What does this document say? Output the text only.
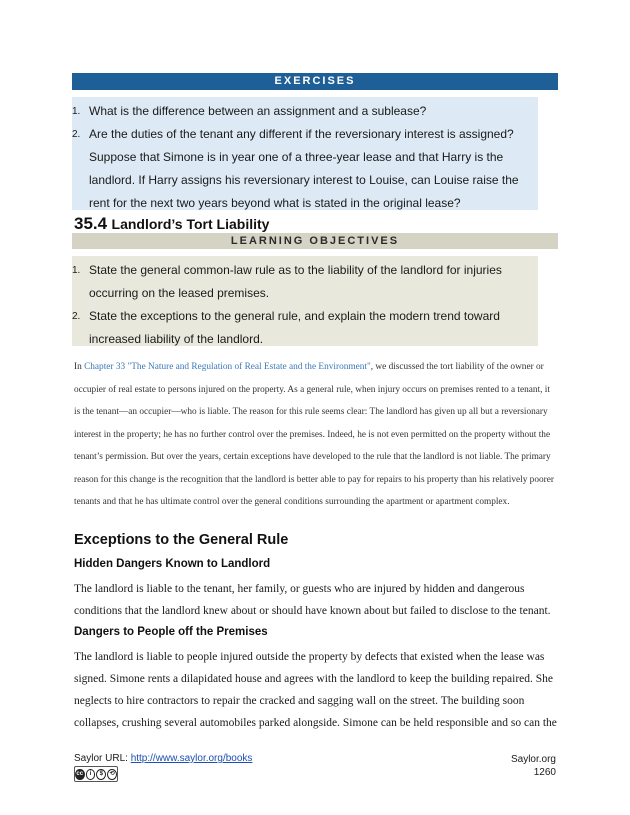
EXERCISES
1. What is the difference between an assignment and a sublease?
2. Are the duties of the tenant any different if the reversionary interest is assigned? Suppose that Simone is in year one of a three-year lease and that Harry is the landlord. If Harry assigns his reversionary interest to Louise, can Louise raise the rent for the next two years beyond what is stated in the original lease?
35.4 Landlord’s Tort Liability
LEARNING OBJECTIVES
1. State the general common-law rule as to the liability of the landlord for injuries occurring on the leased premises.
2. State the exceptions to the general rule, and explain the modern trend toward increased liability of the landlord.
In Chapter 33 "The Nature and Regulation of Real Estate and the Environment", we discussed the tort liability of the owner or occupier of real estate to persons injured on the property. As a general rule, when injury occurs on premises rented to a tenant, it is the tenant—an occupier—who is liable. The reason for this rule seems clear: The landlord has given up all but a reversionary interest in the property; he has no further control over the premises. Indeed, he is not even permitted on the property without the tenant’s permission. But over the years, certain exceptions have developed to the rule that the landlord is not liable. The primary reason for this change is the recognition that the landlord is better able to pay for repairs to his property than his relatively poorer tenants and that he has ultimate control over the general conditions surrounding the apartment or apartment complex.
Exceptions to the General Rule
Hidden Dangers Known to Landlord
The landlord is liable to the tenant, her family, or guests who are injured by hidden and dangerous conditions that the landlord knew about or should have known about but failed to disclose to the tenant.
Dangers to People off the Premises
The landlord is liable to people injured outside the property by defects that existed when the lease was signed. Simone rents a dilapidated house and agrees with the landlord to keep the building repaired. She neglects to hire contractors to repair the cracked and sagging wall on the street. The building soon collapses, crushing several automobiles parked alongside. Simone can be held responsible and so can the
Saylor URL: http://www.saylor.org/books
cc	i	$	⟲
Saylor.org
1260
